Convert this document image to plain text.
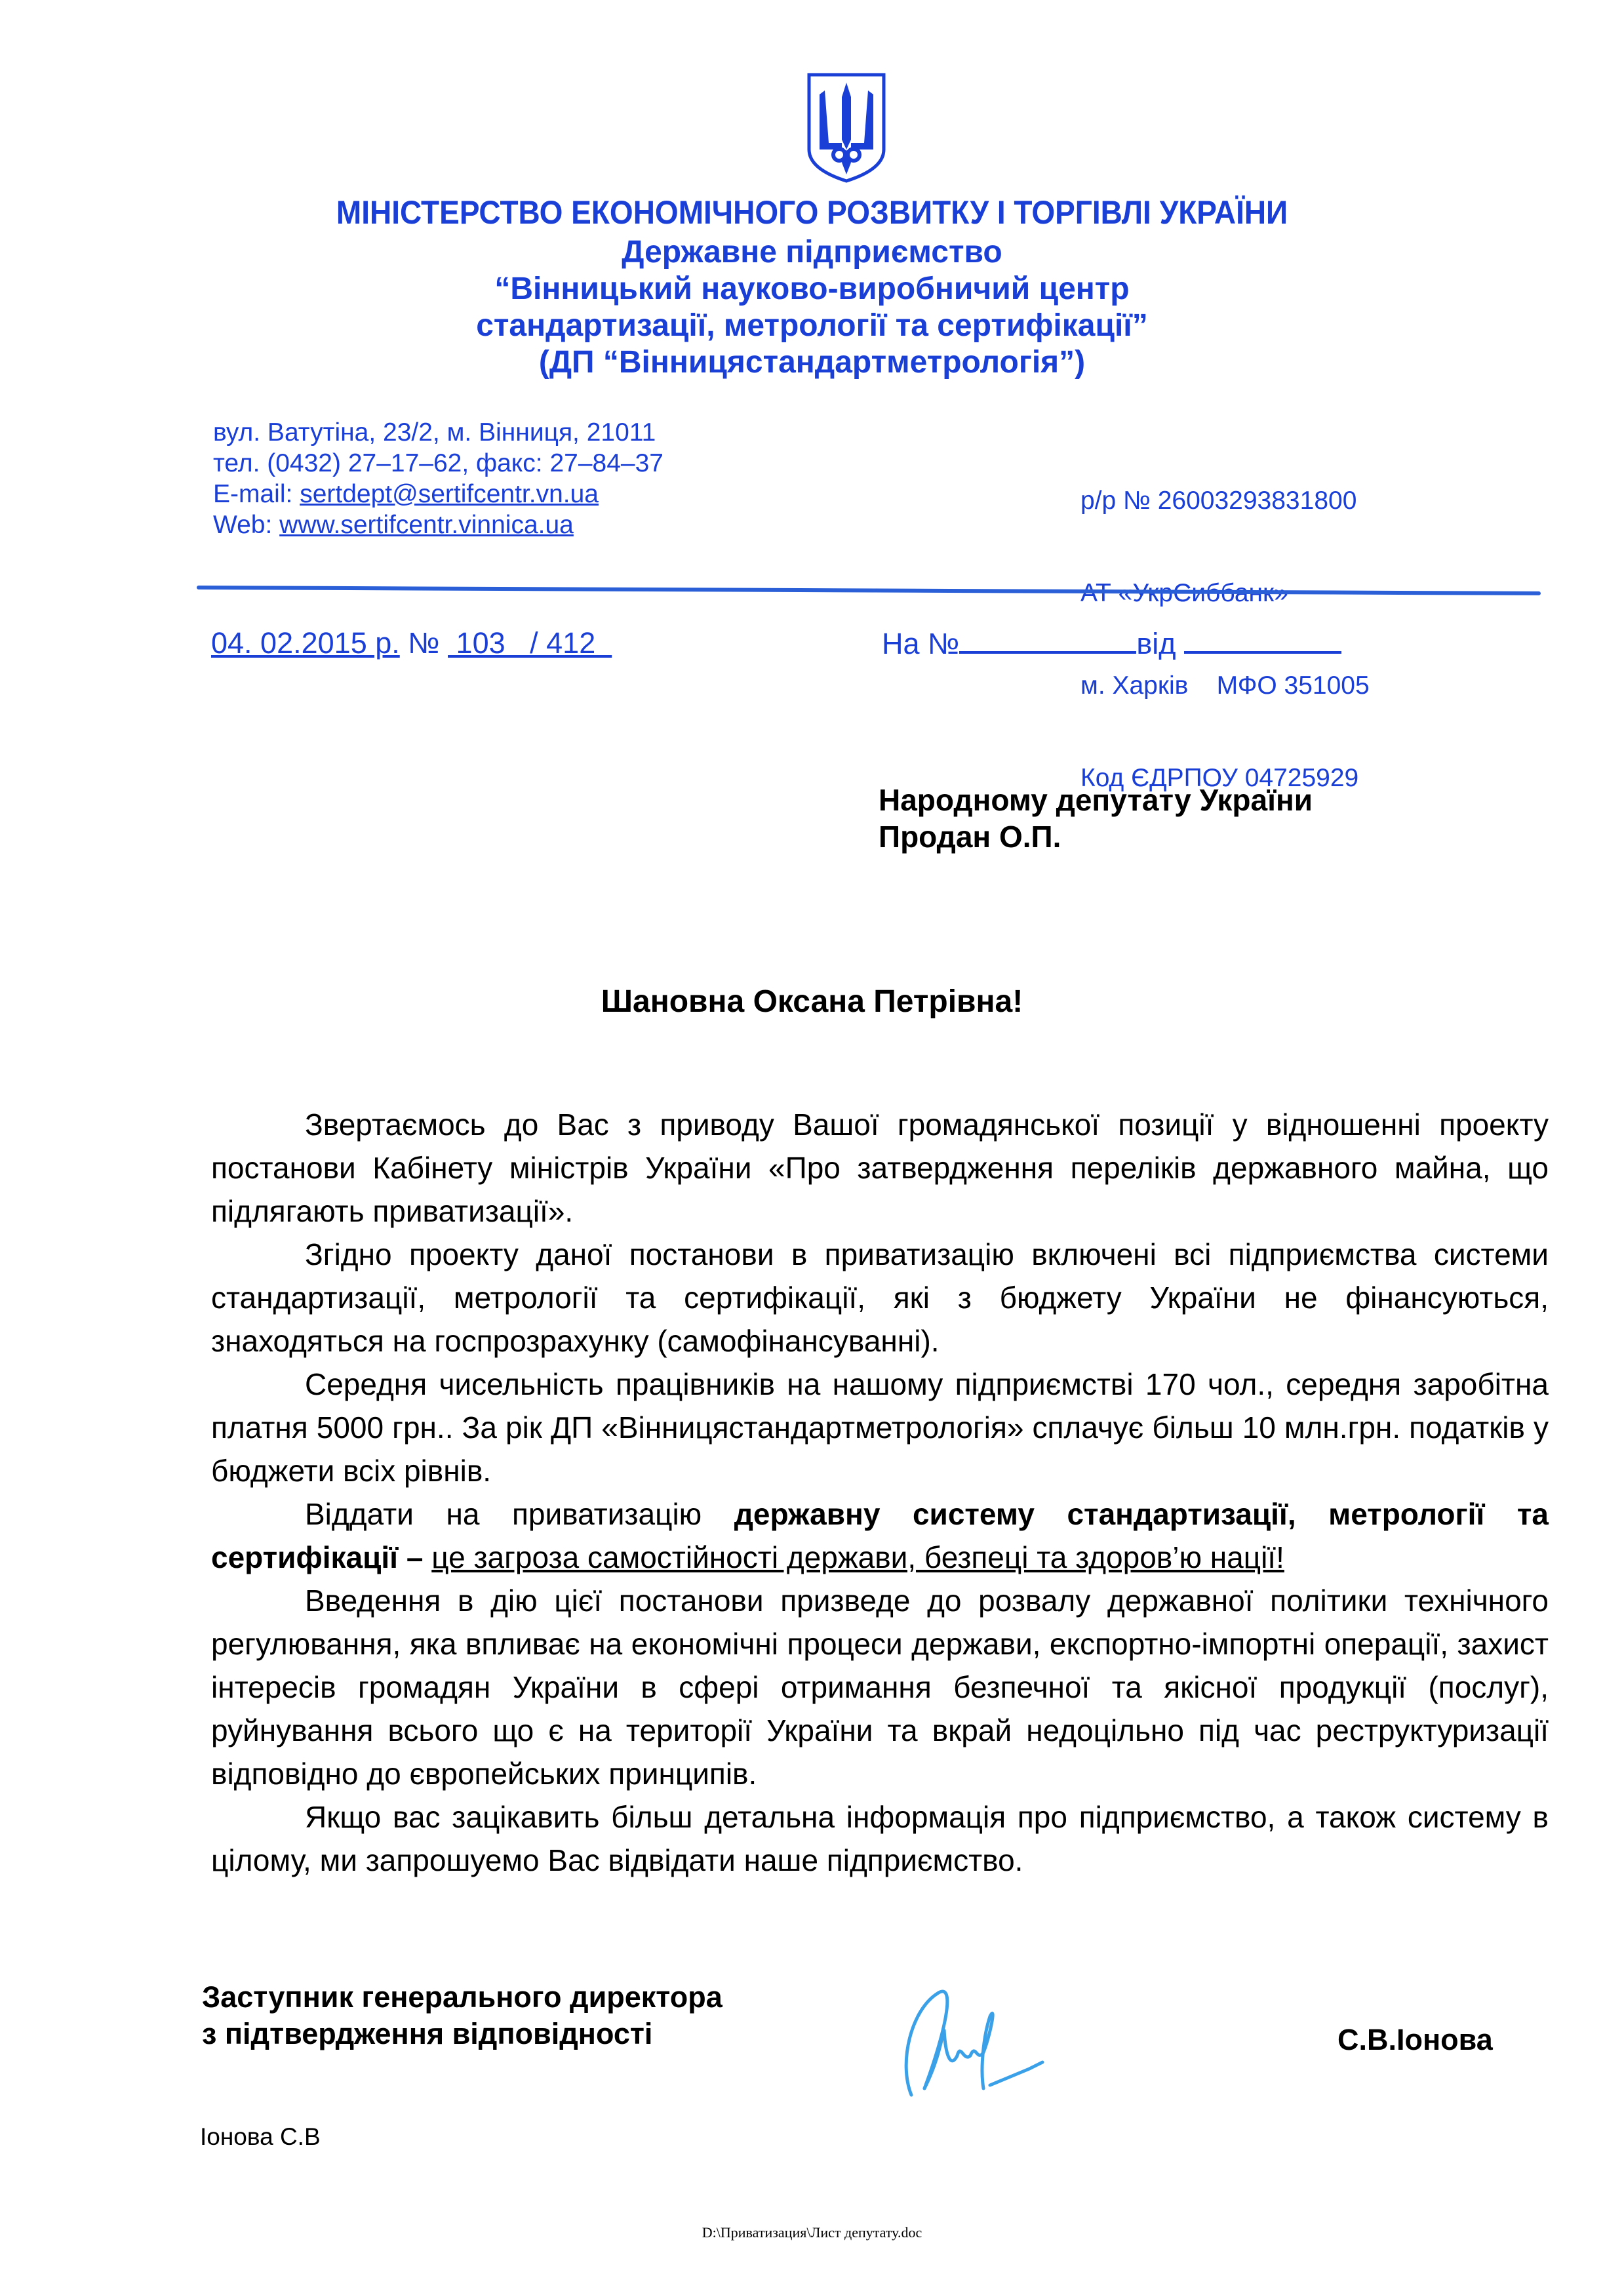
МІНІСТЕРСТВО ЕКОНОМІЧНОГО РОЗВИТКУ І ТОРГІВЛІ УКРАЇНИ
Державне підприємство
“Вінницький науково-виробничий центр
стандартизації, метрології та сертифікації”
(ДП “Вінницястандартметрологія”)
вул. Ватутіна, 23/2, м. Вінниця, 21011
тел. (0432) 27–17–62, факс: 27–84–37
E-mail: sertdept@sertifcentr.vn.ua
Web: www.sertifcentr.vinnica.ua

р/р № 26003293831800

м. Харків    МФО 351005

Код ЄДРПОУ 04725929

04. 02.2015 р. №  103   / 412	На №	від
Народному депутату України
Продан О.П.
Шановна Оксана Петрівна!

Звертаємось до Вас з приводу Вашої громадянської позиції у відношенні проекту постанови Кабінету міністрів України «Про затвердження переліків державного майна, що підлягають приватизації».

Згідно проекту даної постанови в приватизацію включені всі підприємства системи стандартизації, метрології та сертифікації, які з бюджету України не фінансуються, знаходяться на госпрозрахунку (самофінансуванні).

Середня чисельність працівників на нашому підприємстві 170 чол., середня заробітна платня 5000 грн.. За рік ДП «Вінницястандартметрологія» сплачує більш 10 млн.грн. податків у бюджети всіх рівнів.

Віддати на приватизацію державну систему стандартизації, метрології та сертифікації – це загроза самостійності держави, безпеці та здоров’ю нації!

Введення в дію цієї постанови призведе до розвалу державної політики технічного регулювання, яка впливає на економічні процеси держави, експортно-імпортні операції, захист інтересів громадян України в сфері отримання безпечної та якісної продукції (послуг), руйнування всього що є на території України та вкрай недоцільно під час реструктуризації відповідно до європейських принципів.

Якщо вас зацікавить більш детальна інформація про підприємство, а також систему в цілому, ми запрошуемо Вас відвідати наше підприємство.

Заступник генерального директора
з підтвердження відповідності	С.В.Іонова
Іонова С.В
D:\Приватизация\Лист депутату.doc
